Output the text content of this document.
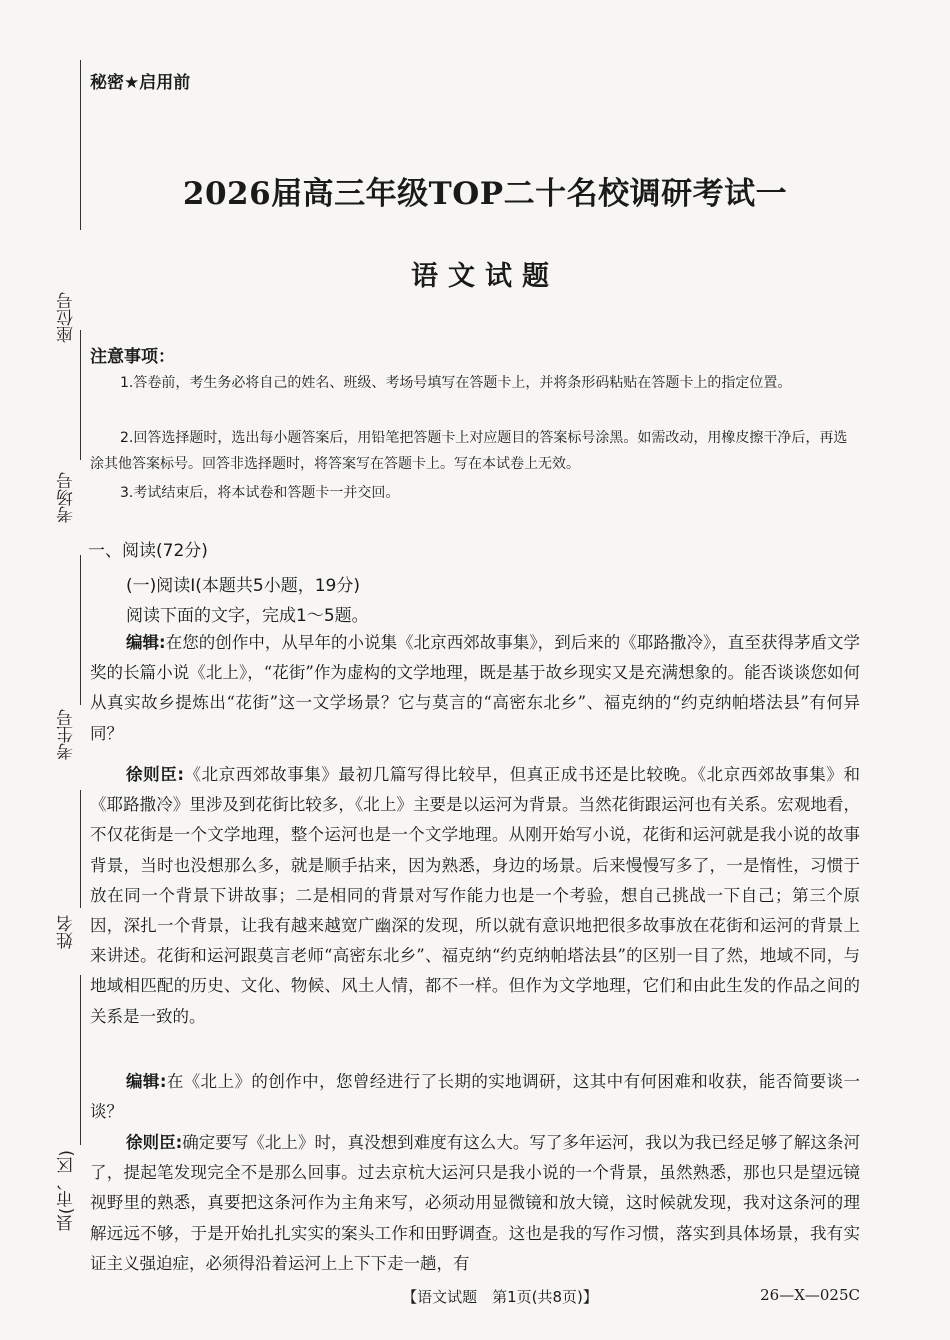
座位号
考场号
考生号
姓名
县(市、区)
秘密★启用前
2026届高三年级TOP二十名校调研考试一
语文试题
注意事项：
1.答卷前，考生务必将自己的姓名、班级、考场号填写在答题卡上，并将条形码粘贴在答题卡上的指定位置。
2.回答选择题时，选出每小题答案后，用铅笔把答题卡上对应题目的答案标号涂黑。如需改动，用橡皮擦干净后，再选涂其他答案标号。回答非选择题时，将答案写在答题卡上。写在本试卷上无效。
3.考试结束后，将本试卷和答题卡一并交回。
一、阅读(72分)
(一)阅读Ⅰ(本题共5小题，19分)
阅读下面的文字，完成1～5题。
编辑:在您的创作中，从早年的小说集《北京西郊故事集》，到后来的《耶路撒冷》，直至获得茅盾文学奖的长篇小说《北上》，“花街”作为虚构的文学地理，既是基于故乡现实又是充满想象的。能否谈谈您如何从真实故乡提炼出“花街”这一文学场景？它与莫言的“高密东北乡”、福克纳的“约克纳帕塔法县”有何异同？
徐则臣:《北京西郊故事集》最初几篇写得比较早，但真正成书还是比较晚。《北京西郊故事集》和《耶路撒冷》里涉及到花街比较多，《北上》主要是以运河为背景。当然花街跟运河也有关系。宏观地看，不仅花街是一个文学地理，整个运河也是一个文学地理。从刚开始写小说，花街和运河就是我小说的故事背景，当时也没想那么多，就是顺手拈来，因为熟悉，身边的场景。后来慢慢写多了，一是惰性，习惯于放在同一个背景下讲故事；二是相同的背景对写作能力也是一个考验，想自己挑战一下自己；第三个原因，深扎一个背景，让我有越来越宽广幽深的发现，所以就有意识地把很多故事放在花街和运河的背景上来讲述。花街和运河跟莫言老师“高密东北乡”、福克纳“约克纳帕塔法县”的区别一目了然，地域不同，与地域相匹配的历史、文化、物候、风土人情，都不一样。但作为文学地理，它们和由此生发的作品之间的关系是一致的。
编辑:在《北上》的创作中，您曾经进行了长期的实地调研，这其中有何困难和收获，能否简要谈一谈？
徐则臣:确定要写《北上》时，真没想到难度有这么大。写了多年运河，我以为我已经足够了解这条河了，提起笔发现完全不是那么回事。过去京杭大运河只是我小说的一个背景，虽然熟悉，那也只是望远镜视野里的熟悉，真要把这条河作为主角来写，必须动用显微镜和放大镜，这时候就发现，我对这条河的理解远远不够，于是开始扎扎实实的案头工作和田野调查。这也是我的写作习惯，落实到具体场景，我有实证主义强迫症，必须得沿着运河上上下下走一趟，有
【语文试题　第1页(共8页)】	26—X—025C
